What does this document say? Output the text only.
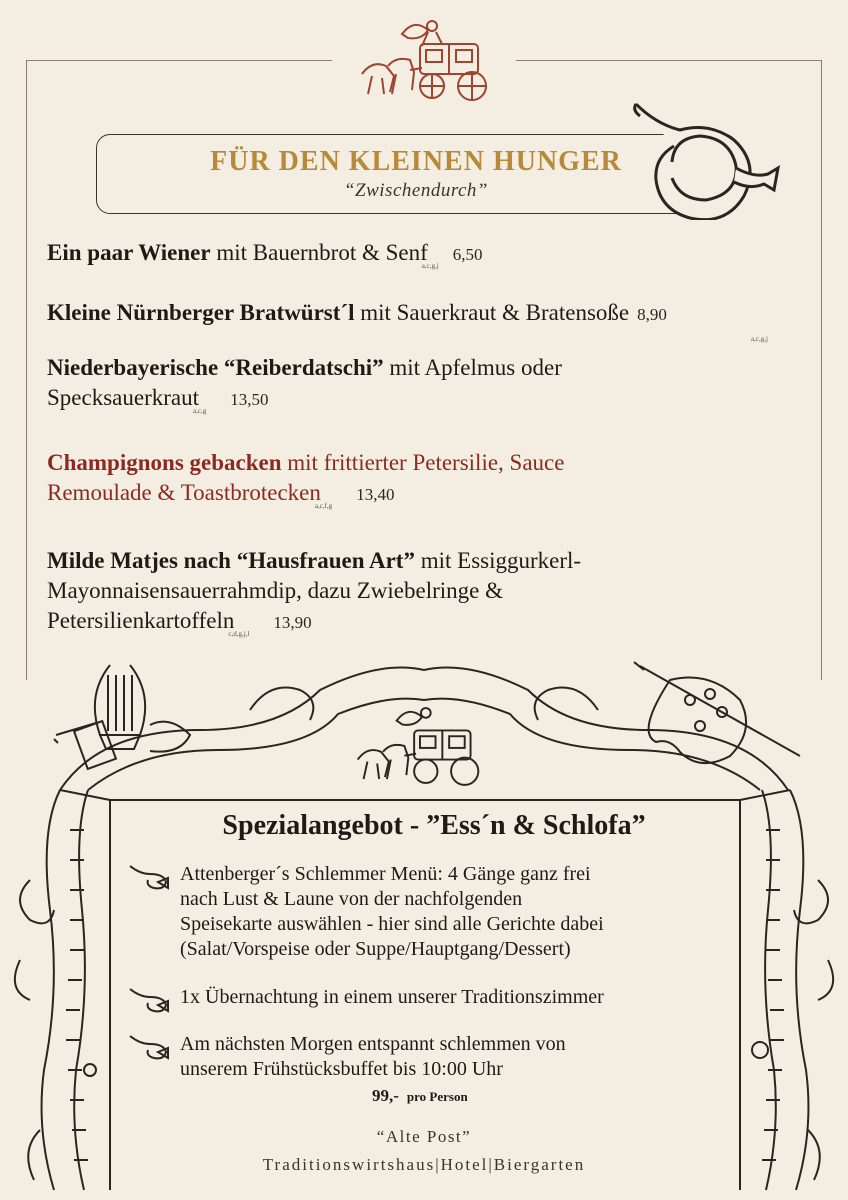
FÜR DEN KLEINEN HUNGER
“Zwischendurch”
Ein paar Wiener mit Bauernbrot & Senf$_{a,c,g,j}$6,50
Kleine Nürnberger Bratwürst´l mit Sauerkraut & Bratensoße
a,c,g,j
8,90
Niederbayerische “Reiberdatschi” mit Apfelmus oder
Specksauerkraut$_{a,c,g}$13,50
Champignons gebacken mit frittierter Petersilie, Sauce
Remoulade & Toastbrotecken$_{a,c,f,g}$13,40
Milde Matjes nach “Hausfrauen Art” mit Essiggurkerl-
Mayonnaisensauerrahmdip, dazu Zwiebelringe &
Petersilienkartoffeln$_{c,d,g,j,l}$13,90
Spezialangebot - ”Ess´n & Schlofa”
Attenberger´s Schlemmer Menü: 4 Gänge ganz frei
nach Lust & Laune von der nachfolgenden
Speisekarte auswählen - hier sind alle Gerichte dabei
(Salat/Vorspeise oder Suppe/Hauptgang/Dessert)
1x Übernachtung in einem unserer Traditionszimmer
Am nächsten Morgen entspannt schlemmen von
unserem Frühstücksbuffet bis 10:00 Uhr
99,- pro Person
“Alte Post”
Traditionswirtshaus|Hotel|Biergarten
